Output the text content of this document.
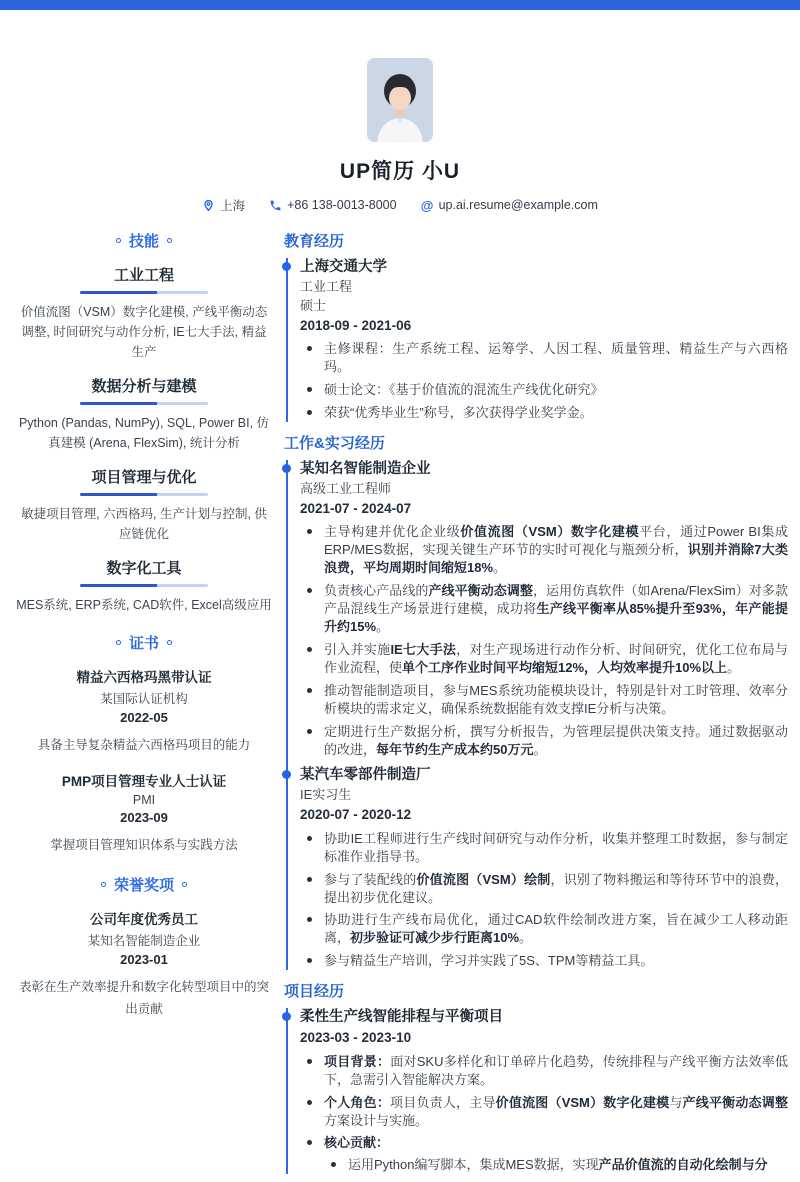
UP简历 小U
上海	+86 138-0013-8000 @ up.ai.resume@example.com
技能
工业工程
价值流图（VSM）数字化建模, 产线平衡动态调整, 时间研究与动作分析, IE七大手法, 精益生产
数据分析与建模
Python (Pandas, NumPy), SQL, Power BI, 仿真建模 (Arena, FlexSim), 统计分析
项目管理与优化
敏捷项目管理, 六西格玛, 生产计划与控制, 供应链优化
数字化工具
MES系统, ERP系统, CAD软件, Excel高级应用
证书
精益六西格玛黑带认证
某国际认证机构
2022-05
具备主导复杂精益六西格玛项目的能力
PMP项目管理专业人士认证
PMI
2023-09
掌握项目管理知识体系与实践方法
荣誉奖项
公司年度优秀员工
某知名智能制造企业
2023-01
表彰在生产效率提升和数字化转型项目中的突出贡献
教育经历
上海交通大学
工业工程
硕士
2018-09 - 2021-06
主修课程：生产系统工程、运筹学、人因工程、质量管理、精益生产与六西格玛。
硕士论文：《基于价值流的混流生产线优化研究》
荣获“优秀毕业生”称号，多次获得学业奖学金。
工作&实习经历
某知名智能制造企业
高级工业工程师
2021-07 - 2024-07
主导构建并优化企业级价值流图（VSM）数字化建模平台，通过Power BI集成ERP/MES数据，实现关键生产环节的实时可视化与瓶颈分析，识别并消除7大类浪费，平均周期时间缩短18%。
负责核心产品线的产线平衡动态调整，运用仿真软件（如Arena/FlexSim）对多款产品混线生产场景进行建模，成功将生产线平衡率从85%提升至93%，年产能提升约15%。
引入并实施IE七大手法，对生产现场进行动作分析、时间研究，优化工位布局与作业流程，使单个工序作业时间平均缩短12%，人均效率提升10%以上。
推动智能制造项目，参与MES系统功能模块设计，特别是针对工时管理、效率分析模块的需求定义，确保系统数据能有效支撑IE分析与决策。
定期进行生产数据分析，撰写分析报告，为管理层提供决策支持。通过数据驱动的改进，每年节约生产成本约50万元。
某汽车零部件制造厂
IE实习生
2020-07 - 2020-12
协助IE工程师进行生产线时间研究与动作分析，收集并整理工时数据，参与制定标准作业指导书。
参与了装配线的价值流图（VSM）绘制，识别了物料搬运和等待环节中的浪费，提出初步优化建议。
协助进行生产线布局优化，通过CAD软件绘制改进方案，旨在减少工人移动距离，初步验证可减少步行距离10%。
参与精益生产培训，学习并实践了5S、TPM等精益工具。
项目经历
柔性生产线智能排程与平衡项目
2023-03 - 2023-10
项目背景：面对SKU多样化和订单碎片化趋势，传统排程与产线平衡方法效率低下，急需引入智能解决方案。
个人角色：项目负责人，主导价值流图（VSM）数字化建模与产线平衡动态调整方案设计与实施。
核心贡献：
运用Python编写脚本，集成MES数据，实现产品价值流的自动化绘制与分
